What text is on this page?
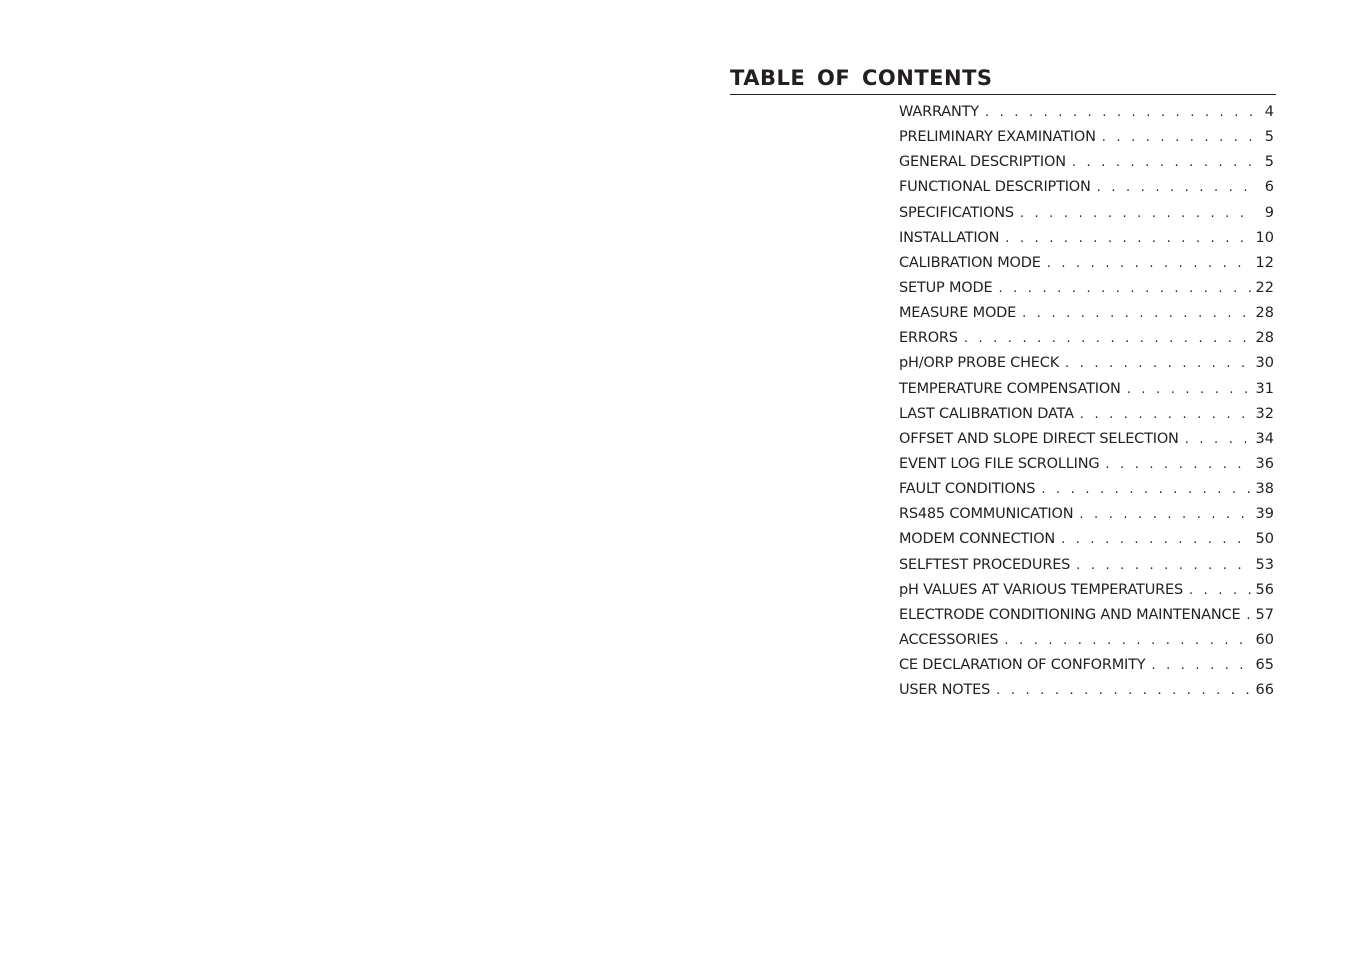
TABLE OF CONTENTS
WARRANTY . . .	4
PRELIMINARY EXAMINATION . . .	5
GENERAL DESCRIPTION . . .	5
FUNCTIONAL DESCRIPTION . . .	6
SPECIFICATIONS . . .	9
INSTALLATION . . .	10
CALIBRATION MODE . . .	12
SETUP MODE . . .	22
MEASURE MODE . . .	28
ERRORS . . .	28
pH/ORP PROBE CHECK . . .	30
TEMPERATURE COMPENSATION . . .	31
LAST CALIBRATION DATA . . .	32
OFFSET AND SLOPE DIRECT SELECTION . . .	34
EVENT LOG FILE SCROLLING . . .	36
FAULT CONDITIONS . . .	38
RS485 COMMUNICATION . . .	39
MODEM CONNECTION . . .	50
SELFTEST PROCEDURES . . .	53
pH VALUES AT VARIOUS TEMPERATURES . . .	56
ELECTRODE CONDITIONING AND MAINTENANCE . . . 57
ACCESSORIES . . .	60
CE DECLARATION OF CONFORMITY . . .	65
USER NOTES . . .	66
